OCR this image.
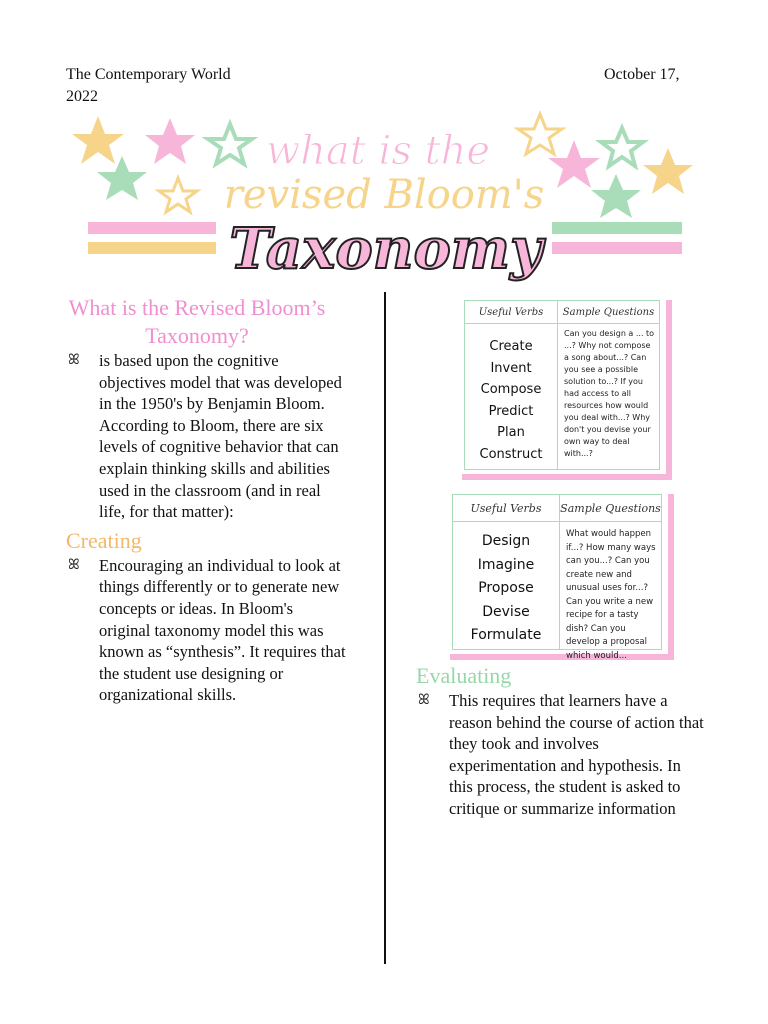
The Contemporary World
2022
October 17,
what is the
revised Bloom's
Taxonomy
What is the Revised Bloom’s Taxonomy?
ꕤ is based upon the cognitive objectives model that was developed in the 1950's by Benjamin Bloom. According to Bloom, there are six levels of cognitive behavior that can explain thinking skills and abilities used in the classroom (and in real life, for that matter):
Creating
ꕤ Encouraging an individual to look at things differently or to generate new concepts or ideas. In Bloom's original taxonomy model this was known as “synthesis”. It requires that the student use designing or organizational skills.
Useful Verbs	Sample Questions
Create
Invent
Compose
Predict
Plan
Construct
Can you design a ... to ...? Why not compose a song about...? Can you see a possible solution to...? If you had access to all resources how would you deal with...? Why don't you devise your own way to deal with...?
Useful Verbs	Sample Questions
Design
Imagine
Propose
Devise
Formulate
What would happen if...? How many ways can you...? Can you create new and unusual uses for...? Can you write a new recipe for a tasty dish? Can you develop a proposal which would...
Evaluating
ꕤ This requires that learners have a reason behind the course of action that they took and involves experimentation and hypothesis. In this process, the student is asked to critique or summarize information
